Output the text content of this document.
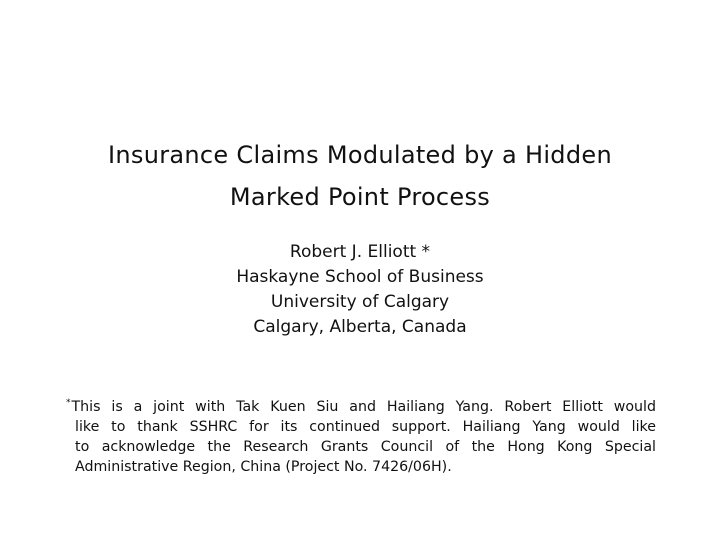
Insurance Claims Modulated by a Hidden
Marked Point Process
Robert J. Elliott *
Haskayne School of Business
University of Calgary
Calgary, Alberta, Canada
*This is a joint with Tak Kuen Siu and Hailiang Yang. Robert Elliott would
like to thank SSHRC for its continued support. Hailiang Yang would like
to acknowledge the Research Grants Council of the Hong Kong Special
Administrative Region, China (Project No. 7426/06H).
